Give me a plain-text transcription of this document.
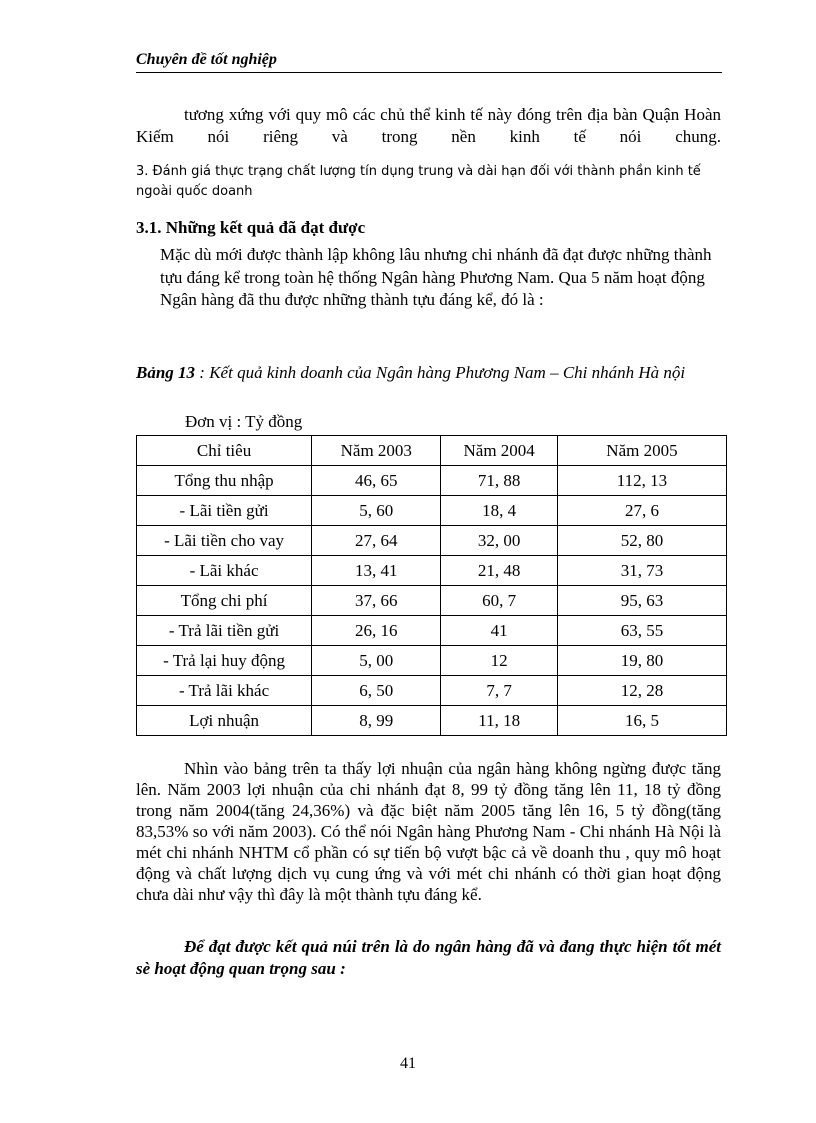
Chuyên đề tốt nghiệp
tương xứng với quy mô các chủ thể kinh tế này đóng trên địa bàn Quận Hoàn Kiếm nói riêng và trong nền kinh tế nói chung.
3. Đánh giá thực trạng chất lượng tín dụng trung và dài hạn đối với thành phần kinh tế ngoài quốc doanh
3.1. Những kết quả đã đạt được
Mặc dù mới được thành lập không lâu nhưng chi nhánh đã đạt được những thành tựu đáng kể trong toàn hệ thống Ngân hàng Phương Nam. Qua 5 năm hoạt động Ngân hàng đã thu được những thành tựu đáng kể, đó là :
Bảng 13 : Kết quả kinh doanh của Ngân hàng Phương Nam – Chi nhánh Hà nội
Đơn vị : Tỷ đồng
Chỉ tiêu	Năm 2003	Năm 2004	Năm 2005
Tổng thu nhập	46, 65	71, 88	112, 13
- Lãi tiền gửi	5, 60	18, 4	27, 6
- Lãi tiền cho vay	27, 64	32, 00	52, 80
- Lãi khác	13, 41	21, 48	31, 73
Tổng chi phí	37, 66	60, 7	95, 63
- Trả lãi tiền gửi	26, 16	41	63, 55
- Trả lại huy động	5, 00	12	19, 80
- Trả lãi khác	6, 50	7, 7	12, 28
Lợi nhuận	8, 99	11, 18	16, 5
Nhìn vào bảng trên ta thấy lợi nhuận của ngân hàng không ngừng được tăng lên. Năm 2003 lợi nhuận của chi nhánh đạt 8, 99 tỷ đồng tăng lên 11, 18 tỷ đồng trong năm 2004(tăng 24,36%) và đặc biệt năm 2005 tăng lên 16, 5 tỷ đồng(tăng 83,53% so với năm 2003). Có thể nói Ngân hàng Phương Nam - Chi nhánh Hà Nội là mét chi nhánh NHTM cổ phần có sự tiến bộ vượt bậc cả về doanh thu , quy mô hoạt động và chất lượng dịch vụ cung ứng và với mét chi nhánh có thời gian hoạt động chưa dài như vậy thì đây là một thành tựu đáng kể.
Để đạt được kết quả núi trên là do ngân hàng đã và đang thực hiện tốt mét sè hoạt động quan trọng sau :
41
